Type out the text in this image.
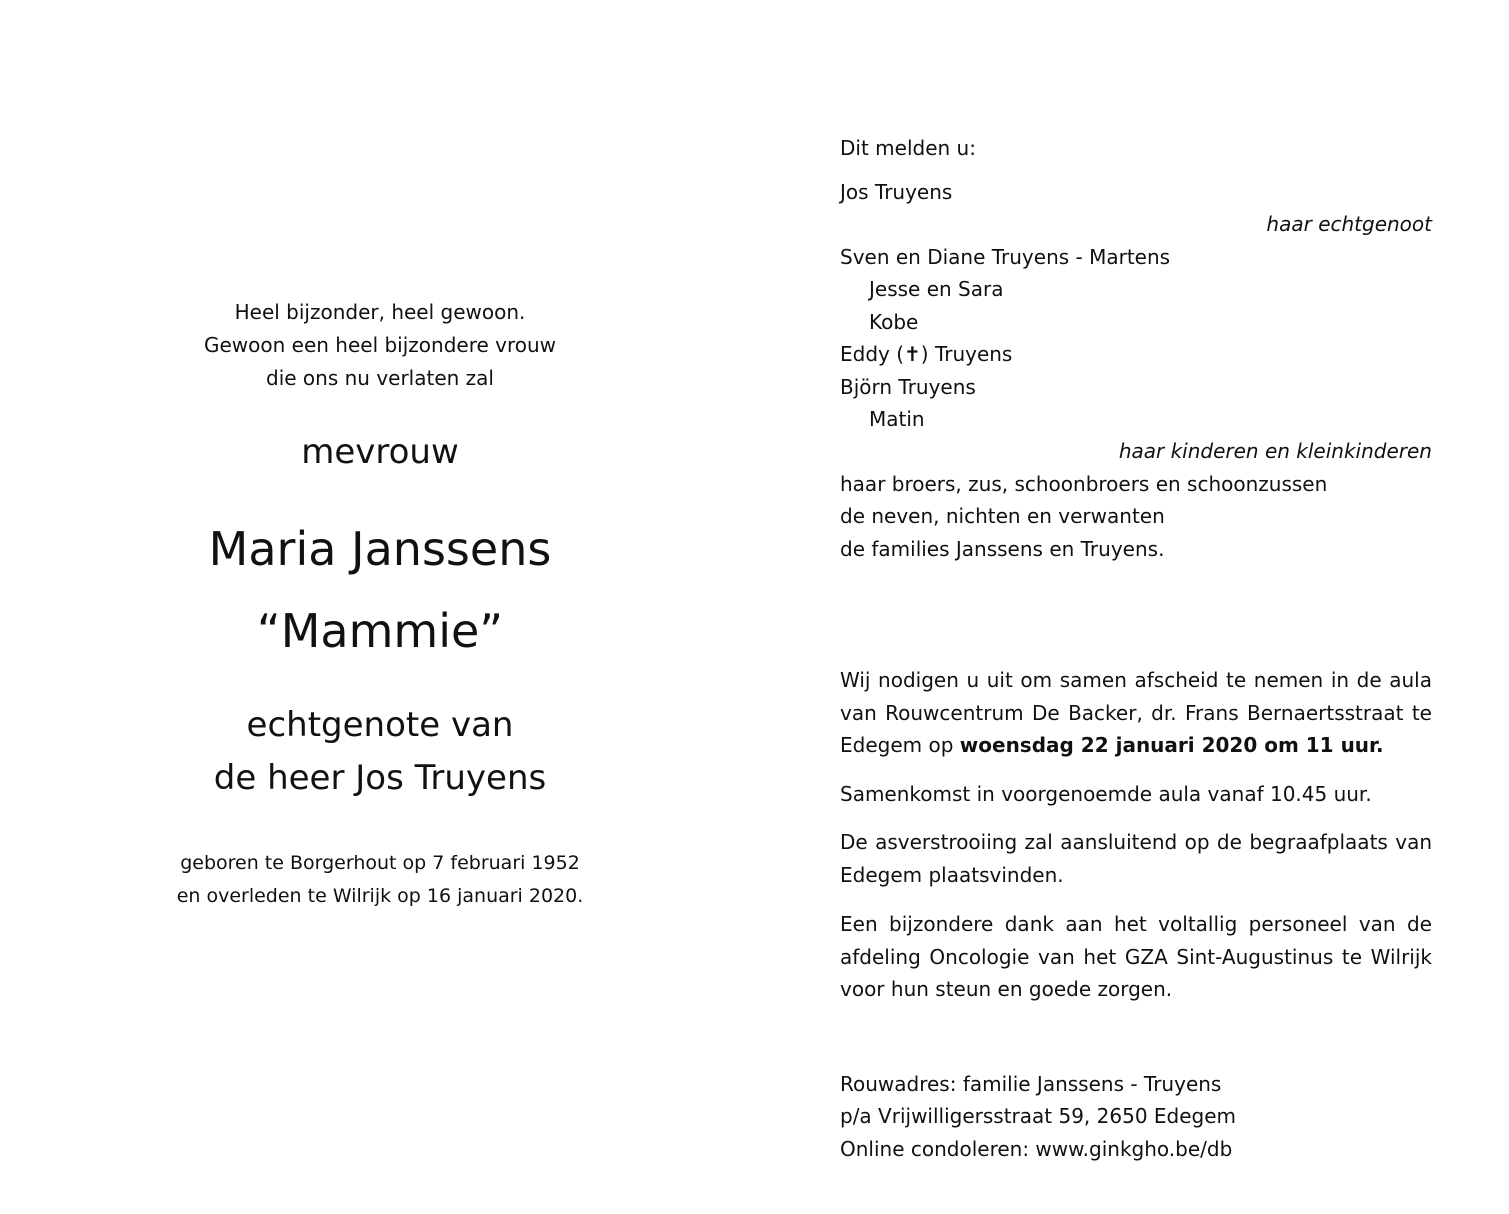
Heel bijzonder, heel gewoon.
Gewoon een heel bijzondere vrouw
die ons nu verlaten zal
mevrouw
Maria Janssens
“Mammie”
echtgenote van
de heer Jos Truyens
geboren te Borgerhout op 7 februari 1952
en overleden te Wilrijk op 16 januari 2020.
Dit melden u:
Jos Truyens
haar echtgenoot
Sven en Diane Truyens - Martens
Jesse en Sara
Kobe
Eddy (✝) Truyens
Björn Truyens
Matin
haar kinderen en kleinkinderen
haar broers, zus, schoonbroers en schoonzussen
de neven, nichten en verwanten
de families Janssens en Truyens.
Wij nodigen u uit om samen afscheid te nemen in de aula van Rouwcentrum De Backer, dr. Frans Bernaertsstraat te Edegem op woensdag 22 januari 2020 om 11 uur.
Samenkomst in voorgenoemde aula vanaf 10.45 uur.
De asverstrooiing zal aansluitend op de begraafplaats van Edegem plaatsvinden.
Een bijzondere dank aan het voltallig personeel van de afdeling Oncologie van het GZA Sint-Augustinus te Wilrijk voor hun steun en goede zorgen.
Rouwadres: familie Janssens - Truyens
p/a Vrijwilligersstraat 59, 2650 Edegem
Online condoleren: www.ginkgho.be/db
